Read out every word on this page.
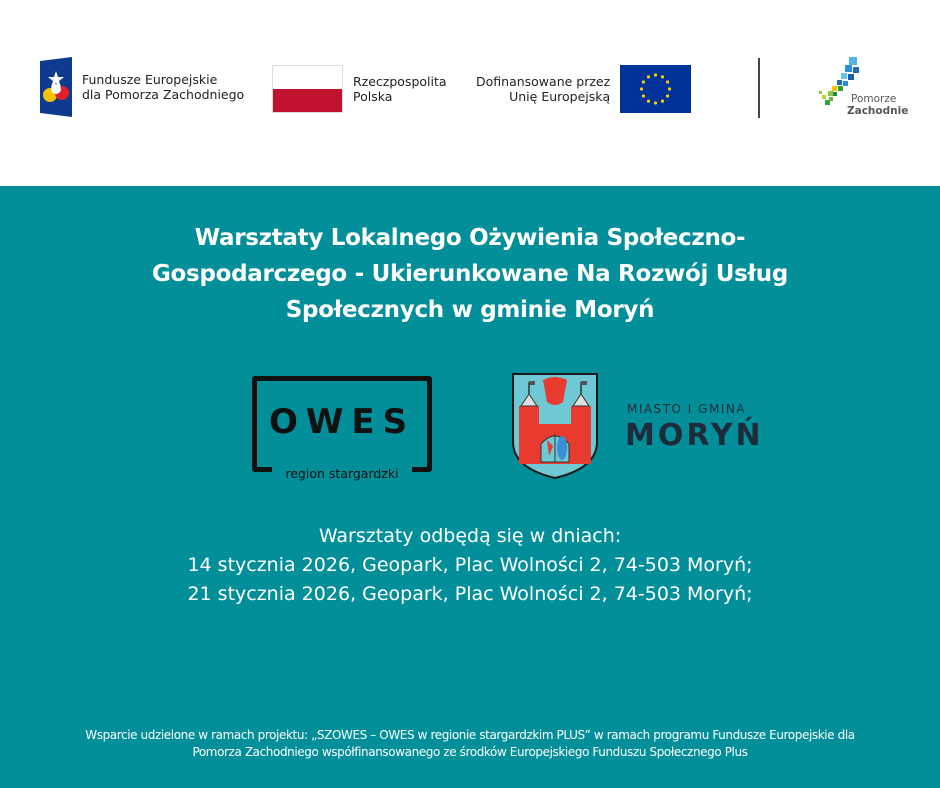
Fundusze Europejskie
dla Pomorza Zachodniego
Rzeczpospolita
Polska
Dofinansowane przez
Unię Europejską	Pomorze
Zachodnie
Warsztaty Lokalnego Ożywienia Społeczno-
Gospodarczego - Ukierunkowane Na Rozwój Usług
Społecznych w gminie Moryń
OWES
region stargardzki
MIASTO I GMINA
MORYŃ
Warsztaty odbędą się w dniach:
14 stycznia 2026, Geopark, Plac Wolności 2, 74-503 Moryń;
21 stycznia 2026, Geopark, Plac Wolności 2, 74-503 Moryń;
Wsparcie udzielone w ramach projektu: „SZOWES – OWES w regionie stargardzkim PLUS” w ramach programu Fundusze Europejskie dla
Pomorza Zachodniego współfinansowanego ze środków Europejskiego Funduszu Społecznego Plus
